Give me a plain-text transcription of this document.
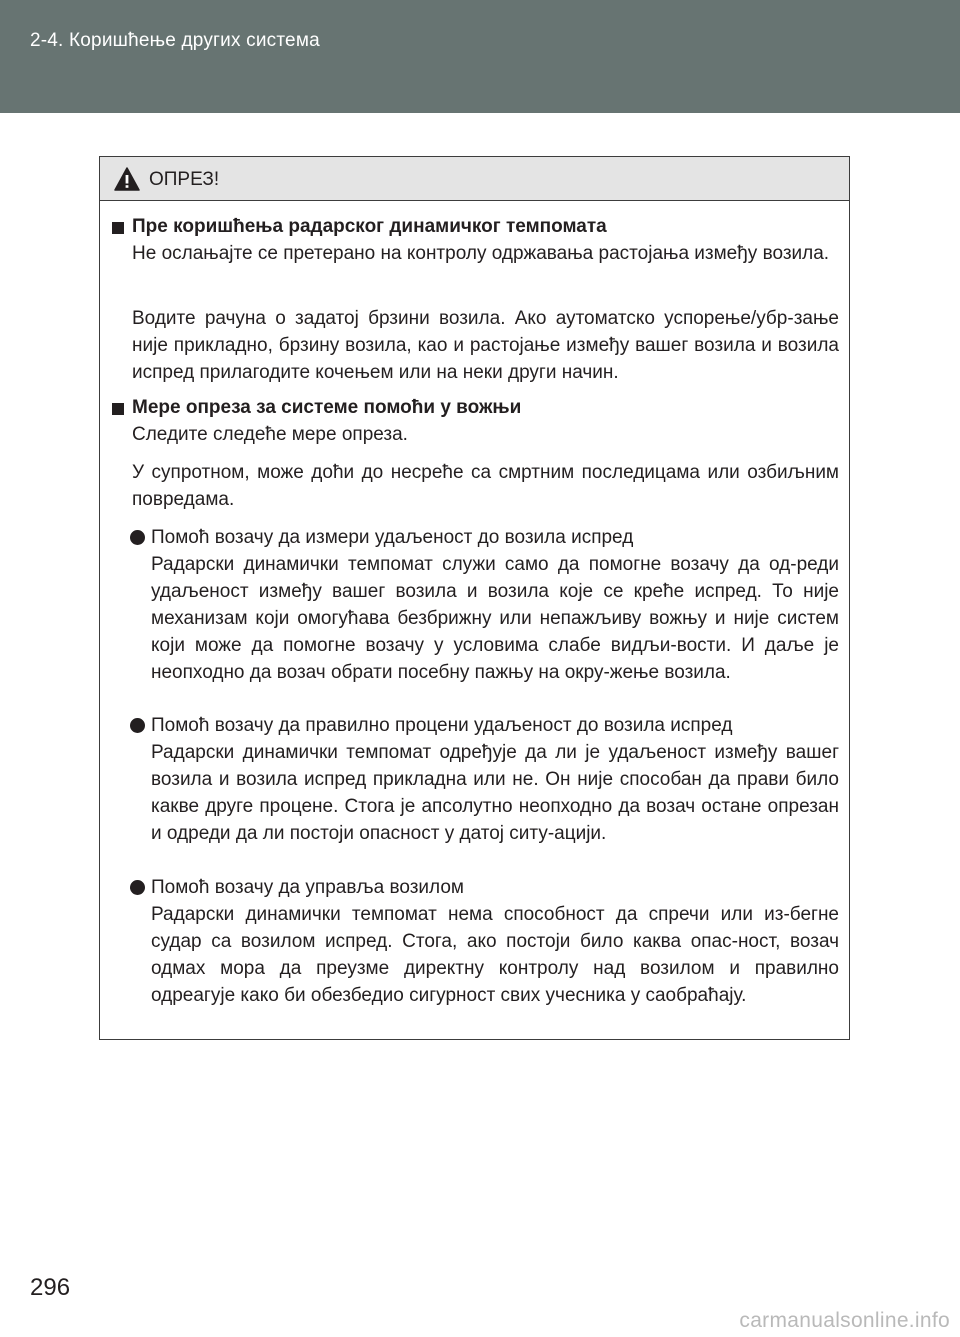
2-4. Коришћење других система
ОПРЕЗ!
Пре коришћења радарског динамичког темпомата
Не ослањајте се претерано на контролу одржавања растојања између возила.
Водите рачуна о задатој брзини возила. Ако аутоматско успорење/убр-зање није прикладно, брзину возила, као и растојање између вашег возила и возила испред прилагодите кочењем или на неки други начин.
Мере опреза за системе помоћи у вожњи
Следите следеће мере опреза.
У супротном, може доћи до несреће са смртним последицама или озбиљним повредама.
Помоћ возачу да измери удаљеност до возила испред
Радарски динамички темпомат служи само да помогне возачу да од-реди удаљеност између вашег возила и возила које се креће испред. То није механизам који омогућава безбрижну или непажљиву вожњу и није систем који може да помогне возачу у условима слабе видљи-вости. И даље је неопходно да возач обрати посебну пажњу на окру-жење возила.
Помоћ возачу да правилно процени удаљеност до возила испред
Радарски динамички темпомат одређује да ли је удаљеност између вашег возила и возила испред прикладна или не. Он није способан да прави било какве друге процене. Стога је апсолутно неопходно да возач остане опрезан и одреди да ли постоји опасност у датој ситу-ацији.
Помоћ возачу да управља возилом
Радарски динамички темпомат нема способност да спречи или из-бегне судар са возилом испред. Стога, ако постоји било каква опас-ност, возач одмах мора да преузме директну контролу над возилом и правилно одреагује како би обезбедио сигурност свих учесника у саобраћају.
296
carmanualsonline.info
